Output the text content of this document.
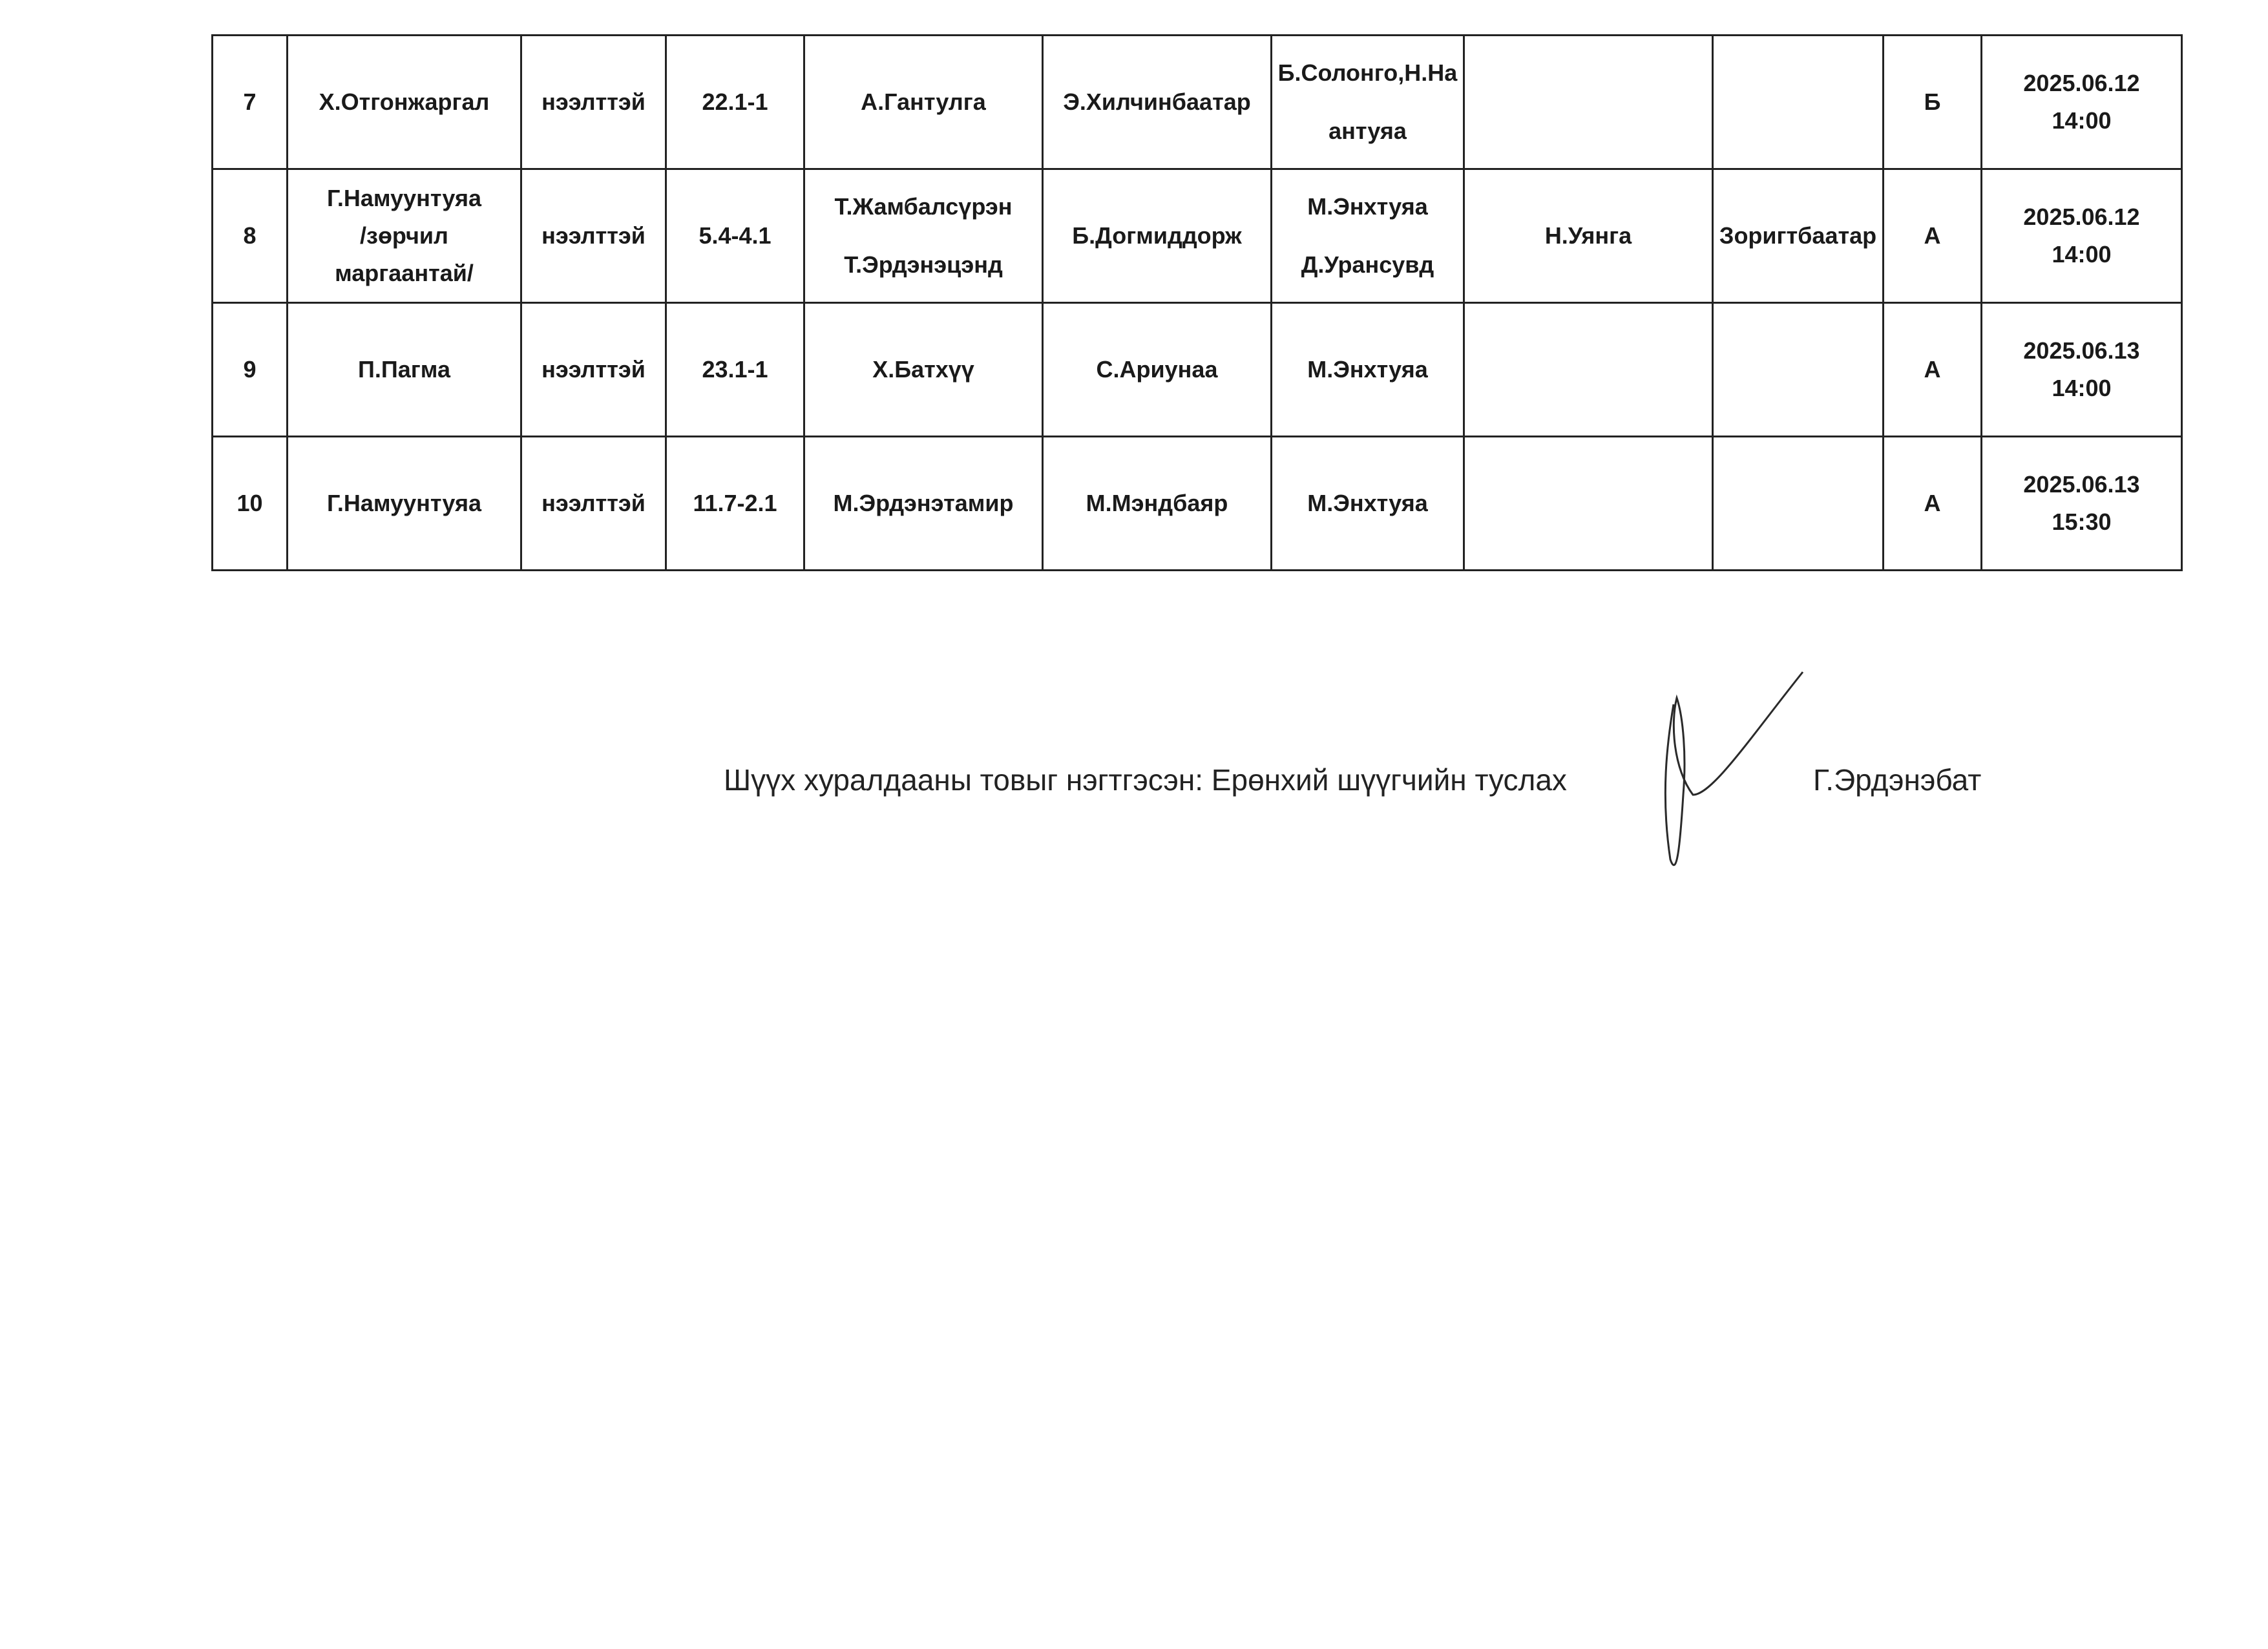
7	Х.Отгонжаргал	нээлттэй	22.1-1	А.Гантулга	Э.Хилчинбаатар	Б.Солонго,Н.На
антуяа			Б	2025.06.12
14:00

8	Г.Намуунтуяа
/зөрчил
маргаантай/	нээлттэй	5.4-4.1	Т.Жамбалсүрэн
Т.Эрдэнэцэнд	Б.Догмиддорж	М.Энхтуяа
Д.Урансувд	Н.Уянга	Зоригтбаатар	А	2025.06.12
14:00

9	П.Пагма	нээлттэй	23.1-1	Х.Батхүү	С.Ариунаа	М.Энхтуяа			А	2025.06.13
14:00

10	Г.Намуунтуяа	нээлттэй	11.7-2.1	М.Эрдэнэтамир	М.Мэндбаяр	М.Энхтуяа			А	2025.06.13
15:30
Шүүх хуралдааны товыг нэгтгэсэн: Ерөнхий шүүгчийн туслах	Г.Эрдэнэбат
